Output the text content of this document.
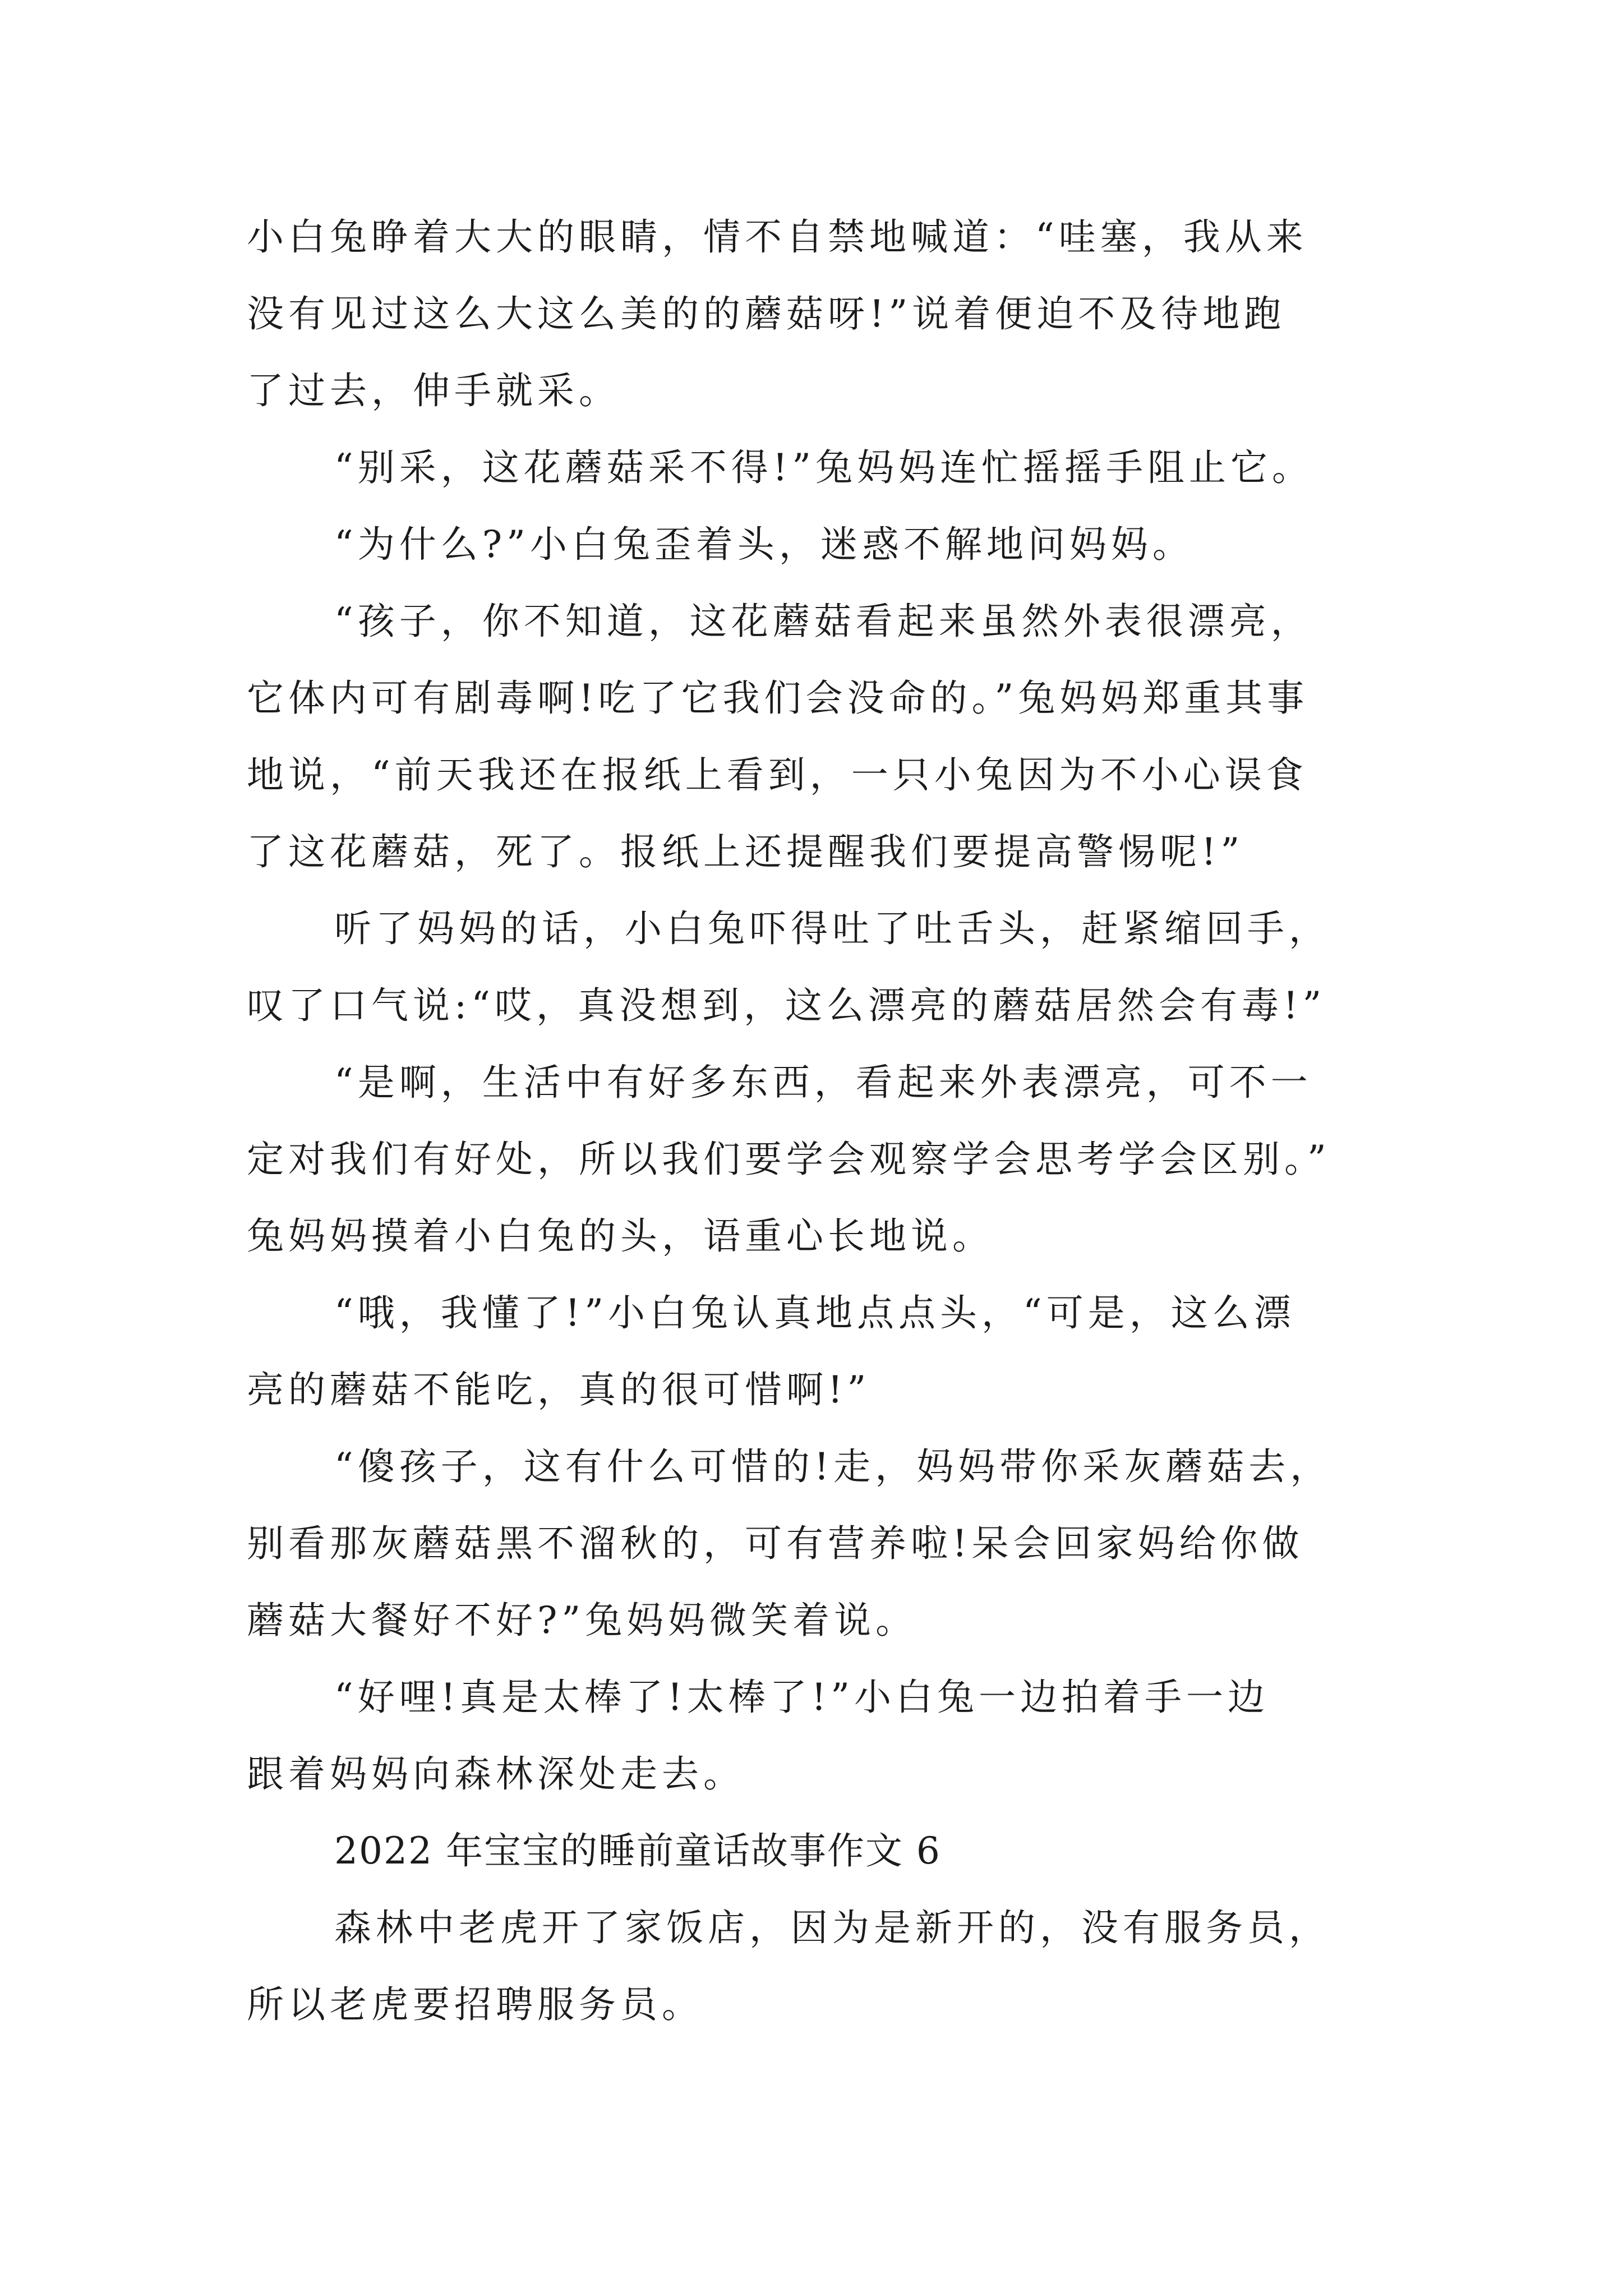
小白兔睁着大大的眼睛，情不自禁地喊道：“哇塞，我从来

没有见过这么大这么美的的蘑菇呀!”说着便迫不及待地跑

了过去，伸手就采。

“别采，这花蘑菇采不得!”兔妈妈连忙摇摇手阻止它。

“为什么?”小白兔歪着头，迷惑不解地问妈妈。

“孩子，你不知道，这花蘑菇看起来虽然外表很漂亮，

它体内可有剧毒啊!吃了它我们会没命的。”兔妈妈郑重其事

地说，“前天我还在报纸上看到，一只小兔因为不小心误食

了这花蘑菇，死了。报纸上还提醒我们要提高警惕呢!”

听了妈妈的话，小白兔吓得吐了吐舌头，赶紧缩回手，

叹了口气说:“哎，真没想到，这么漂亮的蘑菇居然会有毒!”

“是啊，生活中有好多东西，看起来外表漂亮，可不一

定对我们有好处，所以我们要学会观察学会思考学会区别。”

兔妈妈摸着小白兔的头，语重心长地说。

“哦，我懂了!”小白兔认真地点点头，“可是，这么漂

亮的蘑菇不能吃，真的很可惜啊!”

“傻孩子，这有什么可惜的!走，妈妈带你采灰蘑菇去，

别看那灰蘑菇黑不溜秋的，可有营养啦!呆会回家妈给你做

蘑菇大餐好不好?”兔妈妈微笑着说。

“好哩!真是太棒了!太棒了!”小白兔一边拍着手一边

跟着妈妈向森林深处走去。

2022 年宝宝的睡前童话故事作文 6

森林中老虎开了家饭店，因为是新开的，没有服务员，

所以老虎要招聘服务员。
